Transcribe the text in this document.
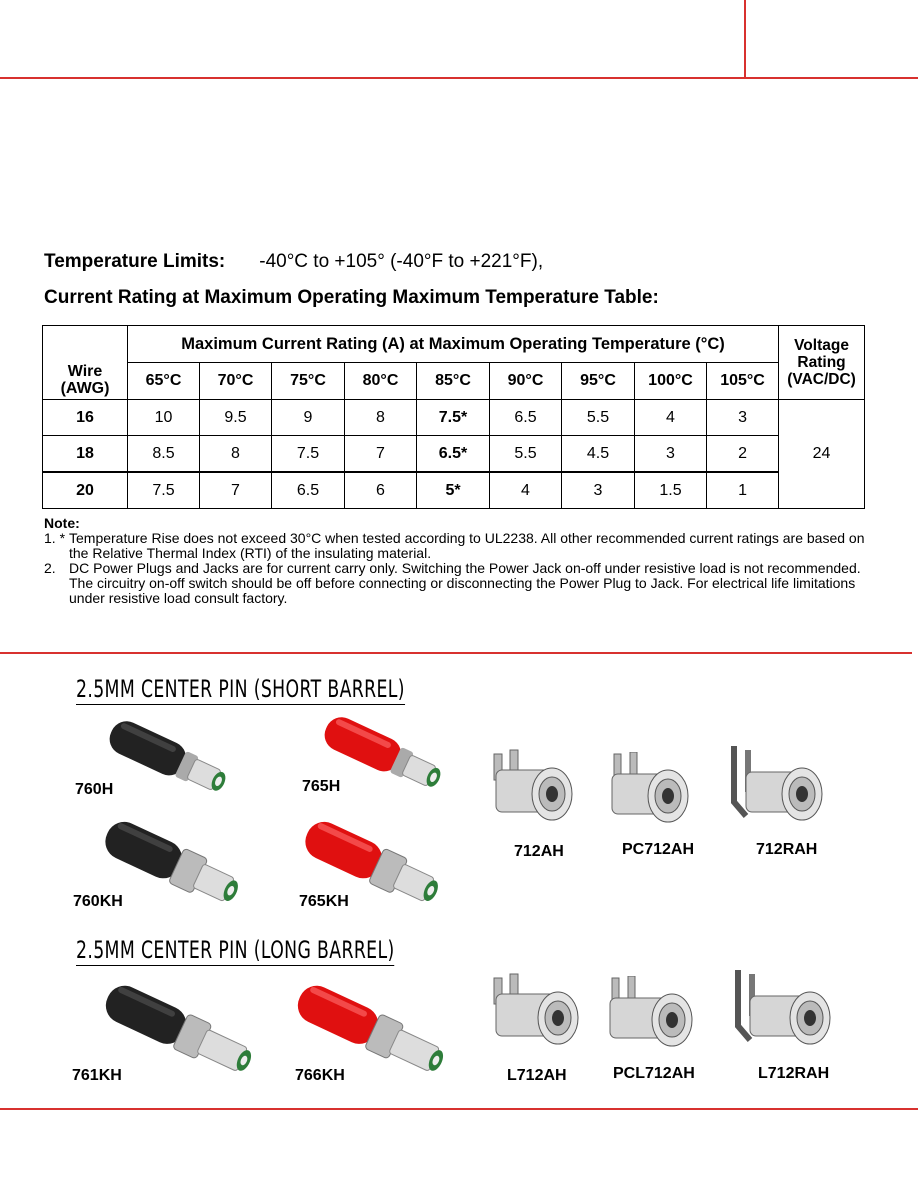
Temperature Limits: -40°C to +105° (-40°F to +221°F),
Current Rating at Maximum Operating Maximum Temperature Table:
Wire
(AWG)	Maximum Current Rating (A) at Maximum Operating Temperature (°C)									Voltage
Rating
(VAC/DC)
	65°C	70°C	75°C	80°C	85°C	90°C	95°C	100°C	105°C	
16	10	9.5	9	8	7.5*	6.5	5.5	4	3	24
18	8.5	8	7.5	7	6.5*	5.5	4.5	3	2	
20	7.5	7	6.5	6	5*	4	3	1.5	1	
Note:
1. * Temperature Rise does not exceed 30°C when tested according to UL2238. All other recommended current ratings are based on the Relative Thermal Index (RTI) of the insulating material.
2. DC Power Plugs and Jacks are for current carry only. Switching the Power Jack on-off under resistive load is not recommended. The circuitry on-off switch should be off before connecting or disconnecting the Power Plug to Jack. For electrical life limitations under resistive load consult factory.
2.5MM CENTER PIN (SHORT BARREL)
2.5MM CENTER PIN (LONG BARREL)
760H	765H
760KH	765KH
712AH	PC712AH	712RAH
761KH	766KH	L712AH	PCL712AH	L712RAH
